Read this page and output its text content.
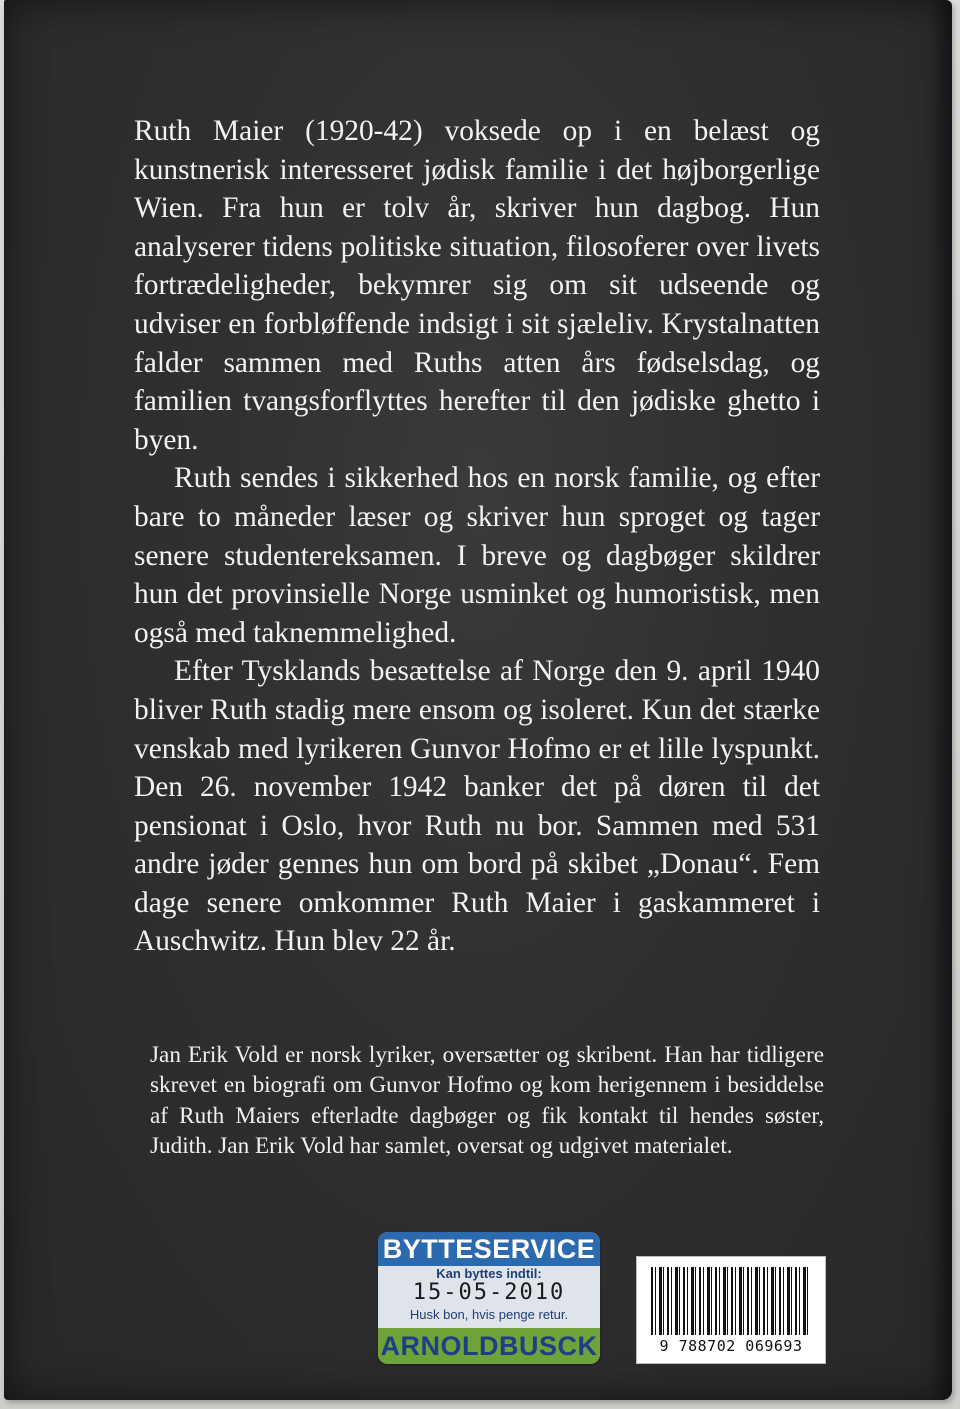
Ruth Maier (1920-42) voksede op i en belæst og kunstnerisk interesseret jødisk familie i det højborgerlige Wien. Fra hun er tolv år, skriver hun dagbog. Hun analyserer tidens politiske situation, filosoferer over livets fortrædeligheder, bekymrer sig om sit udseende og udviser en forbløffende indsigt i sit sjæleliv. Krystalnatten falder sammen med Ruths atten års fødselsdag, og familien tvangsforflyttes herefter til den jødiske ghetto i byen.

Ruth sendes i sikkerhed hos en norsk familie, og efter bare to måneder læser og skriver hun sproget og tager senere studentereksamen. I breve og dagbøger skildrer hun det provinsielle Norge usminket og humoristisk, men også med taknemmelighed.

Efter Tysklands besættelse af Norge den 9. april 1940 bliver Ruth stadig mere ensom og isoleret. Kun det stærke venskab med lyrikeren Gunvor Hofmo er et lille lyspunkt. Den 26. november 1942 banker det på døren til det pensionat i Oslo, hvor Ruth nu bor. Sammen med 531 andre jøder gennes hun om bord på skibet „Donau“. Fem dage senere omkommer Ruth Maier i gaskammeret i Auschwitz. Hun blev 22 år.

Jan Erik Vold er norsk lyriker, oversætter og skribent. Han har tidligere skrevet en biografi om Gunvor Hofmo og kom herigennem i besiddelse af Ruth Maiers efterladte dagbøger og fik kontakt til hendes søster, Judith. Jan Erik Vold har samlet, oversat og udgivet materialet.

BYTTESERVICE
Kan byttes indtil:
15-05-2010
Husk bon, hvis penge retur.
ARNOLDBUSCK	9 788702 069693
